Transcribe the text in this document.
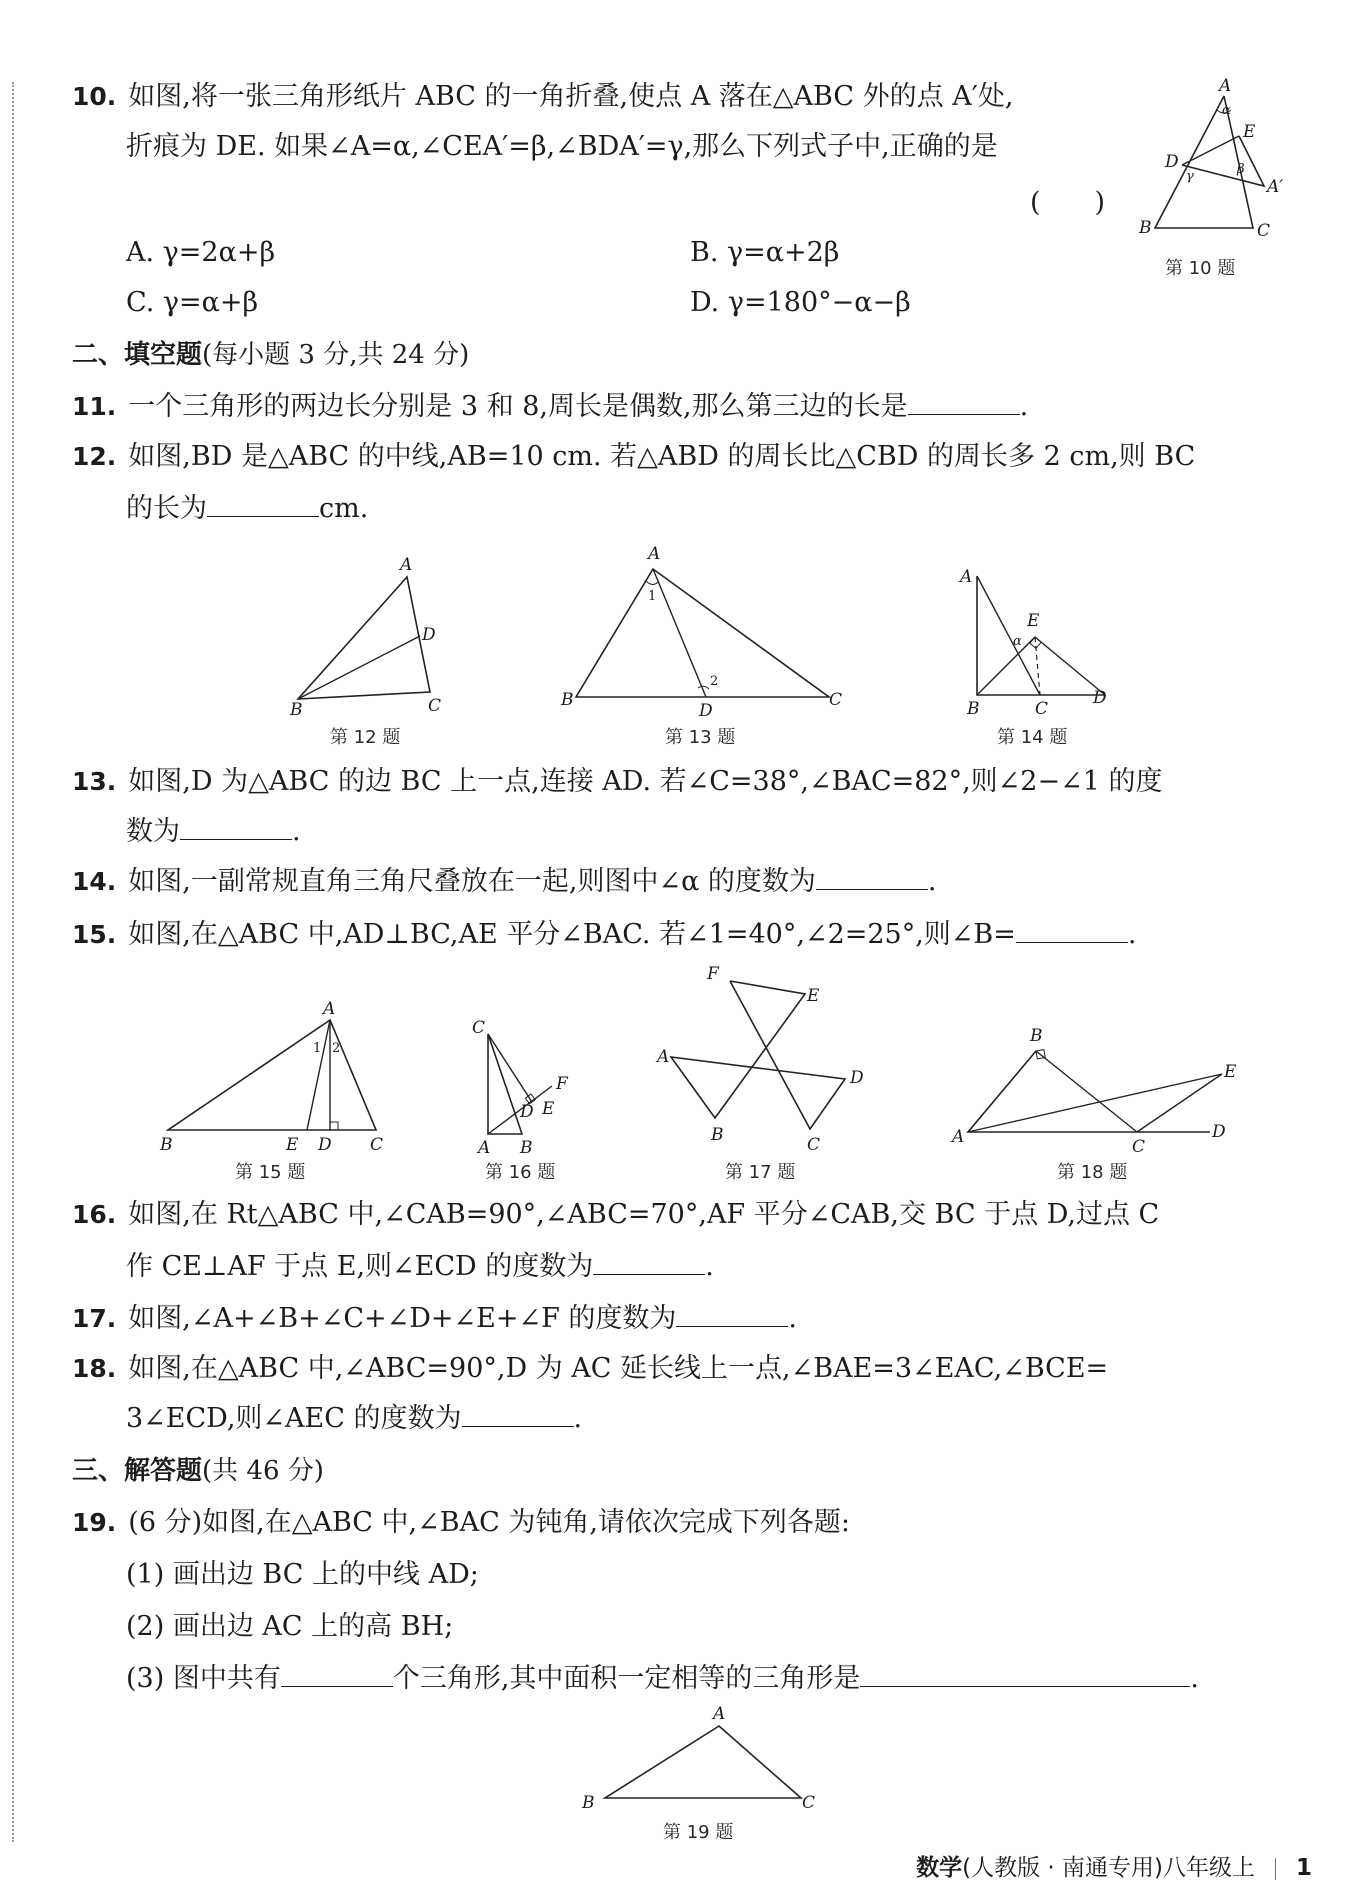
10. 如图,将一张三角形纸片 ABC 的一角折叠,使点 A 落在△ABC 外的点 A′处,
折痕为 DE. 如果∠A=α,∠CEA′=β,∠BDA′=γ,那么下列式子中,正确的是
(　　)
A. γ=2α+β	B. γ=α+2β
C. γ=α+β	D. γ=180°−α−β
A
α
E
D	β
γ
A′
B	C
第 10 题
二、填空题(每小题 3 分,共 24 分)
11. 一个三角形的两边长分别是 3 和 8,周长是偶数,那么第三边的长是	.
12. 如图,BD 是△ABC 的中线,AB=10 cm. 若△ABD 的周长比△CBD 的周长多 2 cm,则 BC
的长为	cm.
A
D
B	C
第 12 题
A
1
2
B
D
C
第 13 题
A
E
α
B	C
D
第 14 题
13. 如图,D 为△ABC 的边 BC 上一点,连接 AD. 若∠C=38°,∠BAC=82°,则∠2−∠1 的度
数为	.
14. 如图,一副常规直角三角尺叠放在一起,则图中∠α 的度数为	.
15. 如图,在△ABC 中,AD⊥BC,AE 平分∠BAC. 若∠1=40°,∠2=25°,则∠B=	.
A
1 2
B	E D C
第 15 题
C
F
E
D
A B
第 16 题
F
E
A
D
B	C
第 17 题
B
E
A	C
D
第 18 题
16. 如图,在 Rt△ABC 中,∠CAB=90°,∠ABC=70°,AF 平分∠CAB,交 BC 于点 D,过点 C
作 CE⊥AF 于点 E,则∠ECD 的度数为	.
17. 如图,∠A+∠B+∠C+∠D+∠E+∠F 的度数为	.
18. 如图,在△ABC 中,∠ABC=90°,D 为 AC 延长线上一点,∠BAE=3∠EAC,∠BCE=
3∠ECD,则∠AEC 的度数为	.
三、解答题(共 46 分)
19. (6 分)如图,在△ABC 中,∠BAC 为钝角,请依次完成下列各题:
(1) 画出边 BC 上的中线 AD;
(2) 画出边 AC 上的高 BH;
(3) 图中共有	个三角形,其中面积一定相等的三角形是	.
A
B	C
第 19 题
数学(人教版 · 南通专用)八年级上 1
